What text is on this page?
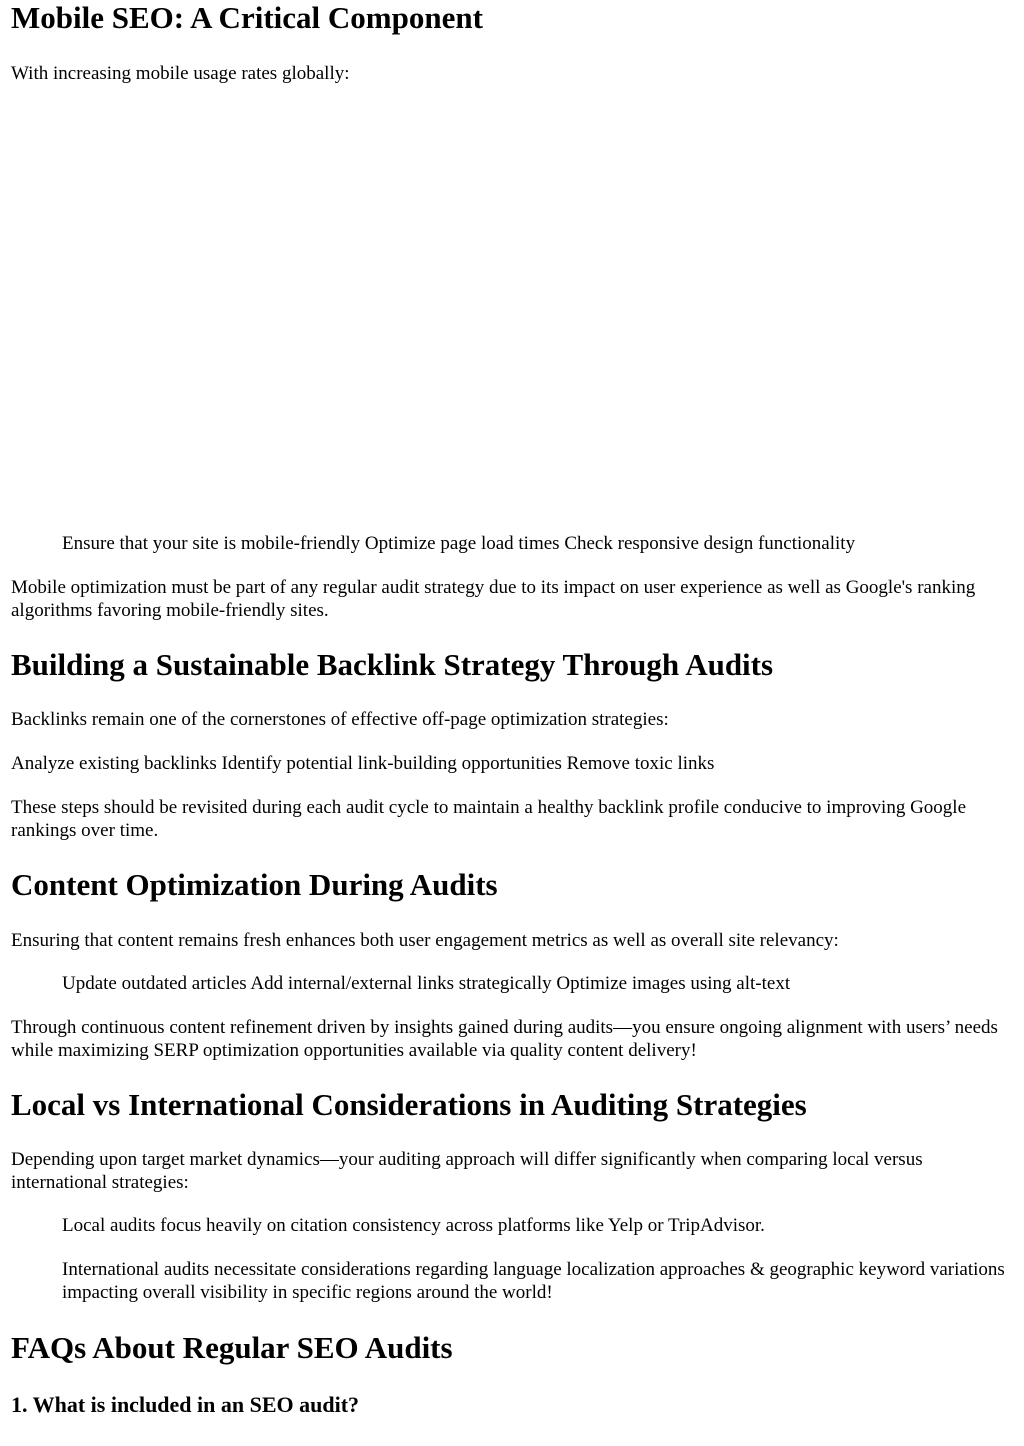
Mobile SEO: A Critical Component

With increasing mobile usage rates globally:

Ensure that your site is mobile-friendly Optimize page load times Check responsive design functionality

Mobile optimization must be part of any regular audit strategy due to its impact on user experience as well as Google's ranking algorithms favoring mobile-friendly sites.

Building a Sustainable Backlink Strategy Through Audits

Backlinks remain one of the cornerstones of effective off-page optimization strategies:

Analyze existing backlinks Identify potential link-building opportunities Remove toxic links

These steps should be revisited during each audit cycle to maintain a healthy backlink profile conducive to improving Google rankings over time.

Content Optimization During Audits

Ensuring that content remains fresh enhances both user engagement metrics as well as overall site relevancy:

Update outdated articles Add internal/external links strategically Optimize images using alt-text

Through continuous content refinement driven by insights gained during audits—you ensure ongoing alignment with users’ needs while maximizing SERP optimization opportunities available via quality content delivery!

Local vs International Considerations in Auditing Strategies

Depending upon target market dynamics—your auditing approach will differ significantly when comparing local versus international strategies:

Local audits focus heavily on citation consistency across platforms like Yelp or TripAdvisor.

International audits necessitate considerations regarding language localization approaches & geographic keyword variations impacting overall visibility in specific regions around the world!

FAQs About Regular SEO Audits
1. What is included in an SEO audit?
